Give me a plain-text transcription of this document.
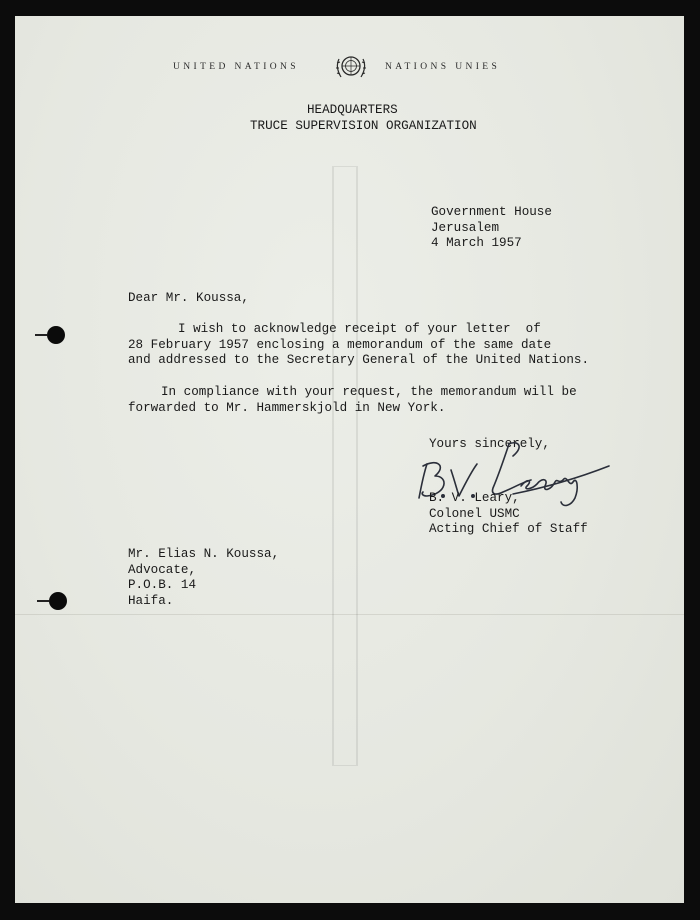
UNITED NATIONS	NATIONS UNIES
HEADQUARTERS
TRUCE SUPERVISION ORGANIZATION
Government House
Jerusalem
4 March 1957
Dear Mr. Koussa,
I wish to acknowledge receipt of your letter  of
28 February 1957 enclosing a memorandum of the same date
and addressed to the Secretary General of the United Nations.
In compliance with your request, the memorandum will be
forwarded to Mr. Hammerskjold in New York.
Yours sincerely,
B. V. Leary,
Colonel USMC
Acting Chief of Staff
Mr. Elias N. Koussa,
Advocate,
P.O.B. 14
Haifa.
